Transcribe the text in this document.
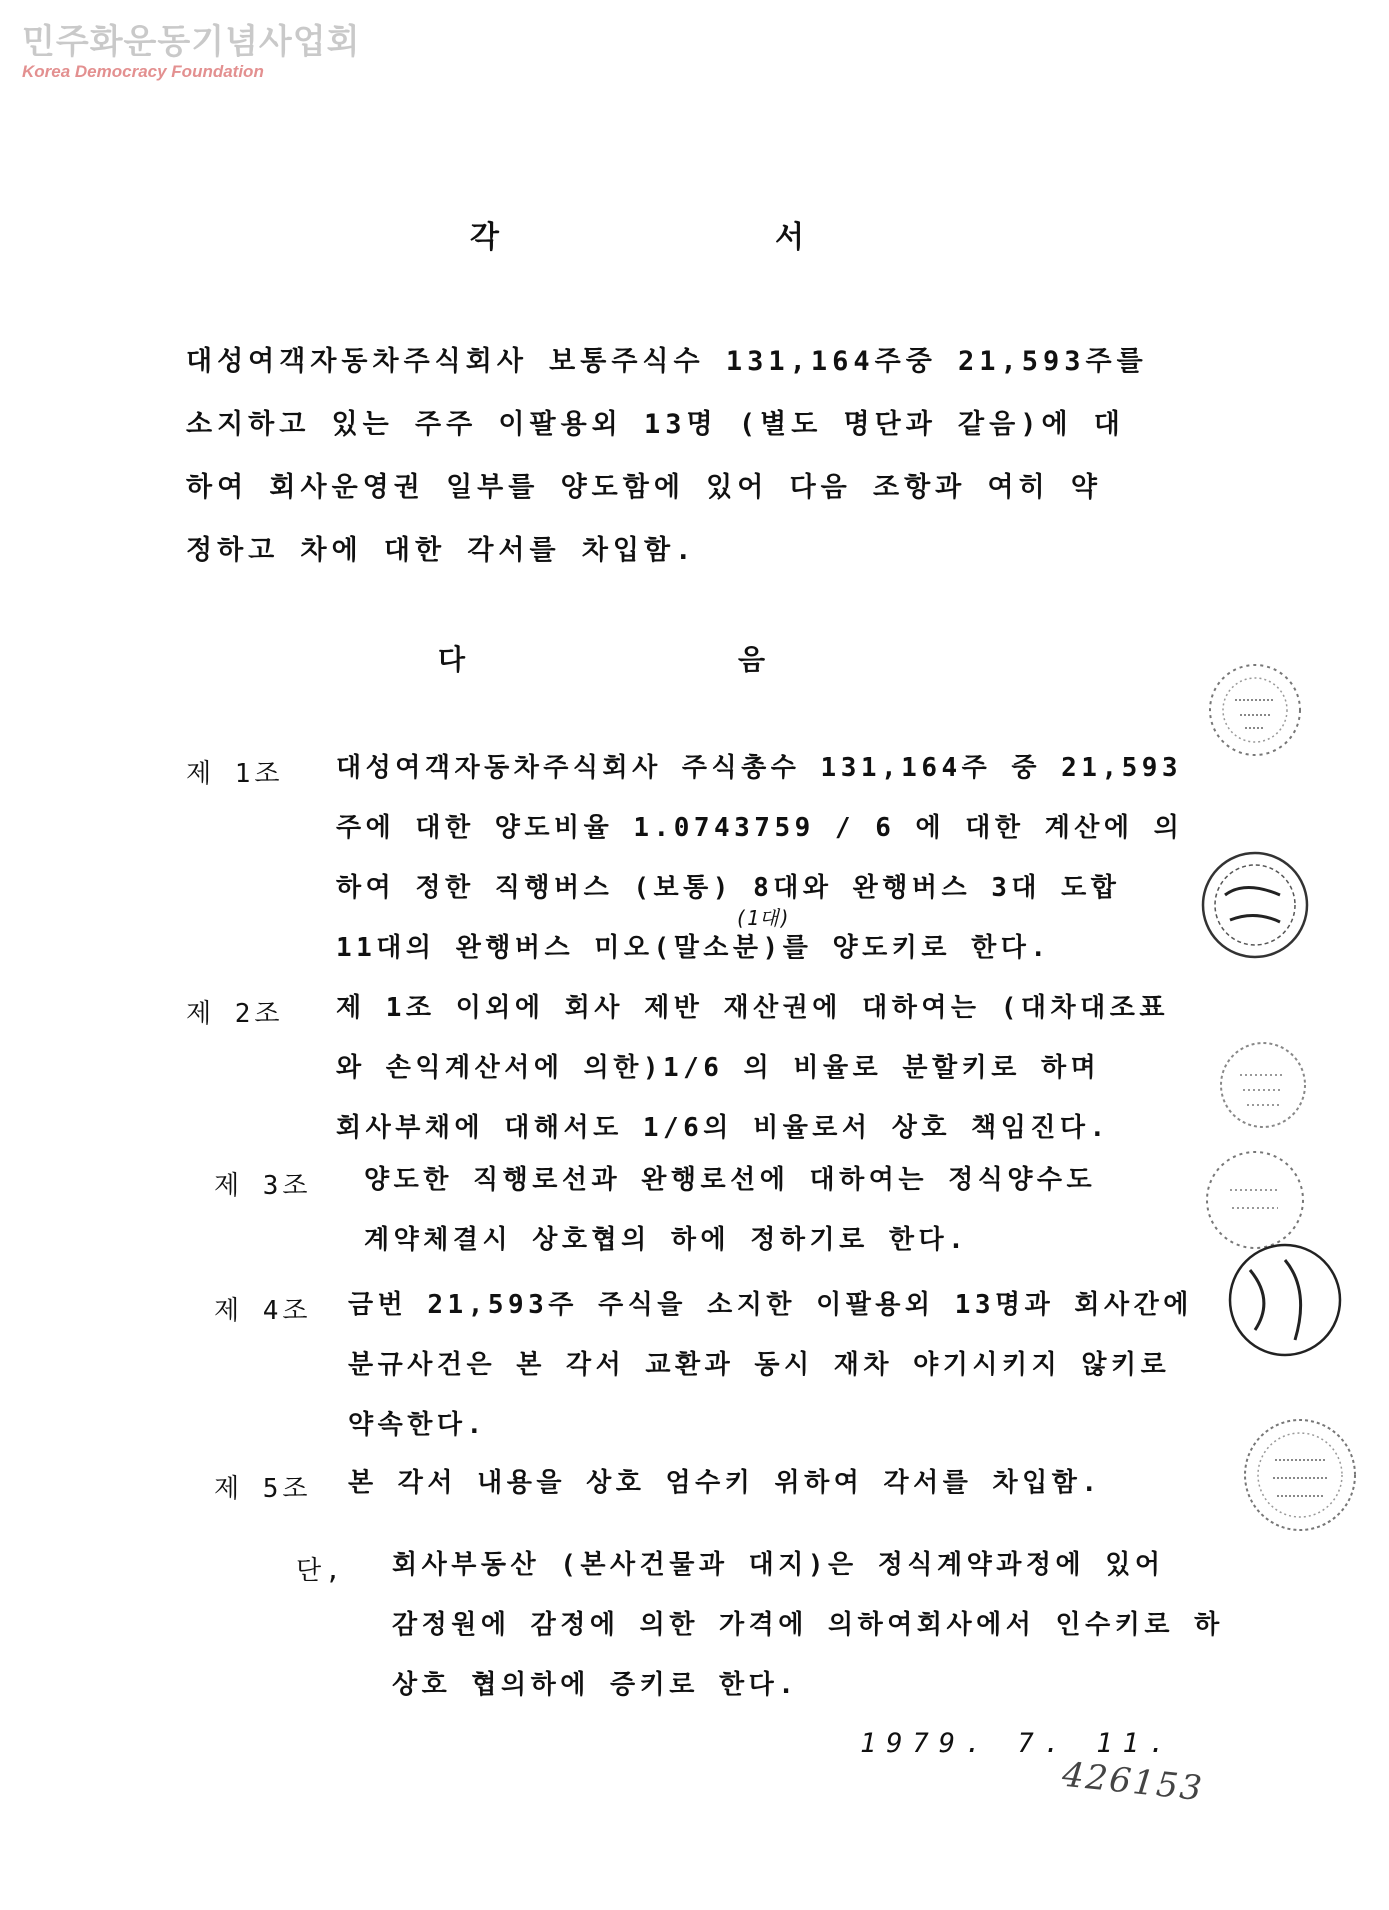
민주화운동기념사업회
Korea Democracy Foundation
각	서
대성여객자동차주식회사 보통주식수 131,164주중 21,593주를
소지하고 있는 주주 이팔용외 13명 (별도 명단과 같음)에 대
하여 회사운영권 일부를 양도함에 있어 다음 조항과 여히 약
정하고 차에 대한 각서를 차입함.
다	음
제 1조 대성여객자동차주식회사 주식총수 131,164주 중 21,593
주에 대한 양도비율 1.0743759 / 6 에 대한 계산에 의
하여 정한 직행버스 (보통) 8대와 완행버스 3대 도합
11대의 완행버스 미오(말소분)를 양도키로 한다.
(1대)
제 2조 제 1조 이외에 회사 제반 재산권에 대하여는 (대차대조표
와 손익계산서에 의한)1/6 의 비율로 분할키로 하며
회사부채에 대해서도 1/6의 비율로서 상호 책임진다.
제 3조 양도한 직행로선과 완행로선에 대하여는 정식양수도
계약체결시 상호협의 하에 정하기로 한다.
제 4조 금번 21,593주 주식을 소지한 이팔용외 13명과 회사간에
분규사건은 본 각서 교환과 동시 재차 야기시키지 않키로
약속한다.
제 5조 본 각서 내용을 상호 엄수키 위하여 각서를 차입함.
단, 회사부동산 (본사건물과 대지)은 정식계약과정에 있어
감정원에 감정에 의한 가격에 의하여회사에서 인수키로 하
상호 협의하에 증키로 한다.
1979. 7. 11.
426153
